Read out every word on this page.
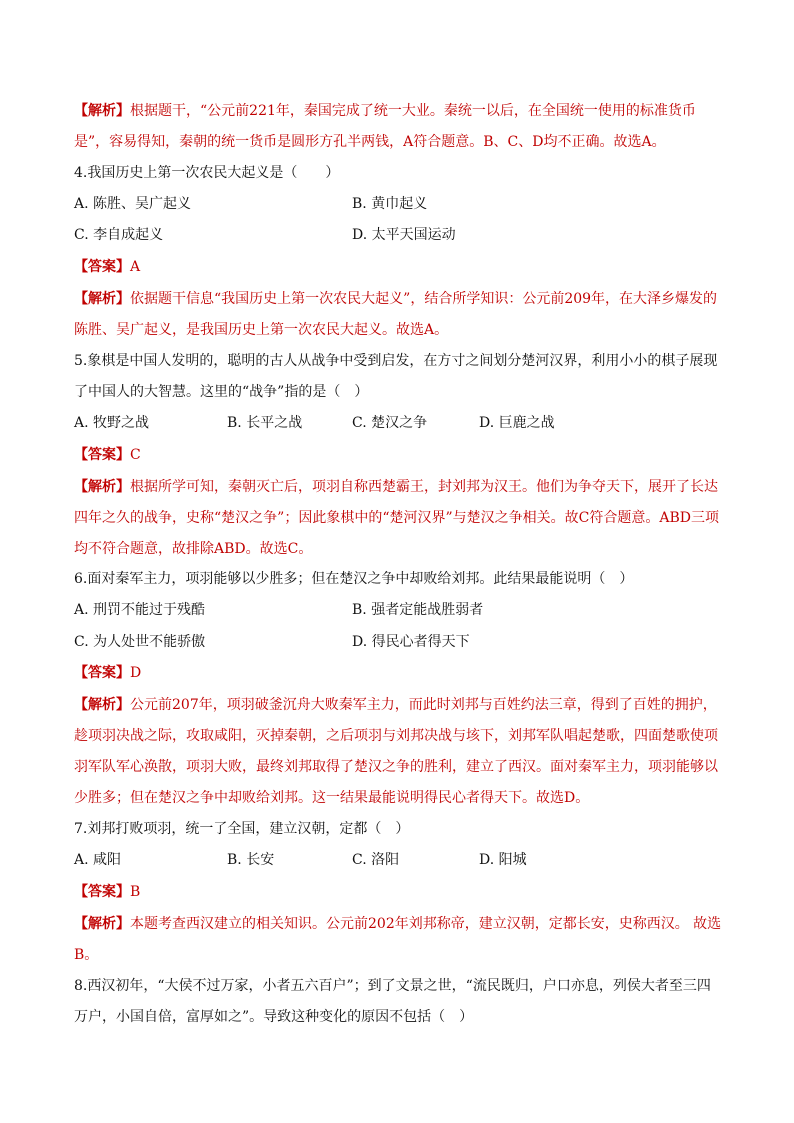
【解析】根据题干，“公元前221年，秦国完成了统一大业。秦统一以后，在全国统一使用的标准货币是”，容易得知，秦朝的统一货币是圆形方孔半两钱，A符合题意。B、C、D均不正确。故选A。

4.我国历史上第一次农民大起义是（　　）

A. 陈胜、吴广起义	B. 黄巾起义
C. 李自成起义	D. 太平天国运动

【答案】A

【解析】依据题干信息“我国历史上第一次农民大起义”，结合所学知识：公元前209年，在大泽乡爆发的陈胜、吴广起义，是我国历史上第一次农民大起义。故选A。

5.象棋是中国人发明的，聪明的古人从战争中受到启发，在方寸之间划分楚河汉界，利用小小的棋子展现了中国人的大智慧。这里的“战争”指的是（　）

A. 牧野之战	B. 长平之战	C. 楚汉之争	D. 巨鹿之战

【答案】C

【解析】根据所学可知，秦朝灭亡后，项羽自称西楚霸王，封刘邦为汉王。他们为争夺天下，展开了长达四年之久的战争，史称“楚汉之争”；因此象棋中的“楚河汉界”与楚汉之争相关。故C符合题意。ABD三项均不符合题意，故排除ABD。故选C。

6.面对秦军主力，项羽能够以少胜多；但在楚汉之争中却败给刘邦。此结果最能说明（　）

A. 刑罚不能过于残酷	B. 强者定能战胜弱者
C. 为人处世不能骄傲	D. 得民心者得天下

【答案】D

【解析】公元前207年，项羽破釜沉舟大败秦军主力，而此时刘邦与百姓约法三章，得到了百姓的拥护，趁项羽决战之际，攻取咸阳，灭掉秦朝，之后项羽与刘邦决战与垓下，刘邦军队唱起楚歌，四面楚歌使项羽军队军心涣散，项羽大败，最终刘邦取得了楚汉之争的胜利，建立了西汉。面对秦军主力，项羽能够以少胜多；但在楚汉之争中却败给刘邦。这一结果最能说明得民心者得天下。故选D。

7.刘邦打败项羽，统一了全国，建立汉朝，定都（　）

A. 咸阳	B. 长安	C. 洛阳	D. 阳城

【答案】B

【解析】本题考查西汉建立的相关知识。公元前202年刘邦称帝，建立汉朝，定都长安，史称西汉。 故选B。

8.西汉初年，“大侯不过万家，小者五六百户”；到了文景之世，“流民既归，户口亦息，列侯大者至三四万户，小国自倍，富厚如之”。导致这种变化的原因不包括（　）
